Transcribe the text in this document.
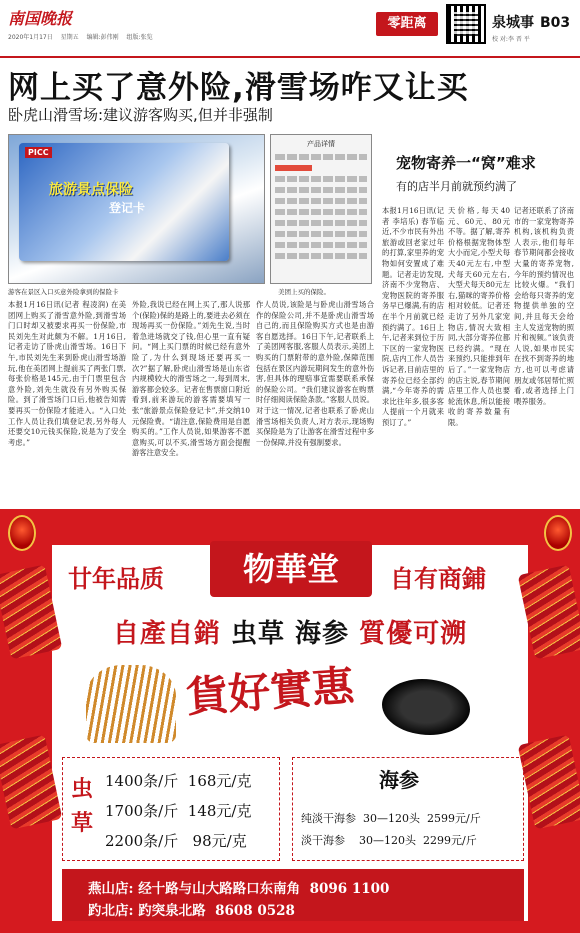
南国晚报
2020年1月17日 星期五 编辑:彭伟刚 组版:张览
零距离	泉城事 B03
校 对:李 晋 平
网上买了意外险,滑雪场咋又让买
卧虎山滑雪场:建议游客购买,但并非强制
PICC
旅游景点保险
登记卡
游客在景区入口买意外险拿到的保险卡
产品详情
美团上买的保险。
本报1月16日讯(记者 程凌润) 在美团网上购买了滑雪意外险,到滑雪场门口时却又被要求再买一份保险,市民刘先生对此颇为不解。1月16日,记者走访了卧虎山滑雪场。16日下午,市民刘先生来到卧虎山滑雪场游玩,他在美团网上提前买了两张门票,每张价格是145元,由于门票里包含意外险,刘先生就没有另外购买保险。到了滑雪场门口后,他被告知需要再买一份保险才能进入。“入口处工作人员让我们填登记表,另外每人还要交10元钱买保险,说是为了安全考虑。”
外险,我说已经在网上买了,那人说那个(保险)保的是路上的,要进去必须在现场再买一份保险。”刘先生说,当时着急进场就交了钱,但心里一直有疑问。“网上买门票的时候已经有意外险了,为什么到现场还要再买一次?”据了解,卧虎山滑雪场是山东省内规模较大的滑雪场之一,每到周末,游客都会较多。记者在售票窗口附近看到,前来游玩的游客需要填写一张“旅游景点保险登记卡”,并交纳10元保险费。“请注意,保险费用是自愿购买的。”工作人员说,如果游客不愿意购买,可以不买,滑雪场方面会提醒游客注意安全。
作人员说,该险是与卧虎山滑雪场合作的保险公司,并不是卧虎山滑雪场自己的,而且保险购买方式也是由游客自愿选择。16日下午,记者联系上了美团网客服,客服人员表示,美团上购买的门票附带的意外险,保障范围包括在景区内游玩期间发生的意外伤害,但具体的理赔事宜需要联系承保的保险公司。“我们建议游客在购票时仔细阅读保险条款。”客服人员说。对于这一情况,记者也联系了卧虎山滑雪场相关负责人,对方表示,现场购买保险是为了让游客在滑雪过程中多一份保障,并没有强制要求。
宠物寄养一“窝”难求
有的店半月前就预约满了
本报1月16日讯(记者 李培乐) 春节临近,不少市民有外出旅游或回老家过年的打算,家里养的宠物如何安置成了难题。记者走访发现,济南不少宠物店、宠物医院的寄养服务早已爆满,有的店在半个月前就已经预约满了。16日上午,记者来到位于历下区的一家宠物医院,店内工作人员告诉记者,目前店里的寄养位已经全部约满,“今年寄养的需求比往年多,很多客人提前一个月就来预订了。”
天价格,每天40元、60元、80元不等。据了解,寄养价格根据宠物体型大小而定,小型犬每天40元左右,中型犬每天60元左右,大型犬每天80元左右,猫咪的寄养价格相对较低。记者还走访了另外几家宠物店,情况大致相同,大部分寄养位都已经约满。“现在来预约,只能排到年后了。”一家宠物店的店主说,春节期间店里工作人员也要轮流休息,所以能接收的寄养数量有限。
记者还联系了济南市的一家宠物寄养机构,该机构负责人表示,他们每年春节期间都会接收大量的寄养宠物,今年的预约情况也比较火爆。“我们会给每只寄养的宠物提供单独的空间,并且每天会给主人发送宠物的照片和视频。”该负责人说,如果市民实在找不到寄养的地方,也可以考虑请朋友或邻居帮忙照看,或者选择上门喂养服务。
廿年品质	物華堂	自有商鋪
自產自銷 虫草 海参 質優可溯
貨好實惠
虫草
1400条/斤 168元/克
1700条/斤 148元/克
2200条/斤 98元/克
海参
纯淡干海参 30—120头 2599元/斤
淡干海参 30—120头 2299元/斤
燕山店: 经十路与山大路路口东南角 8096 1100
趵北店: 趵突泉北路 8608 0528
